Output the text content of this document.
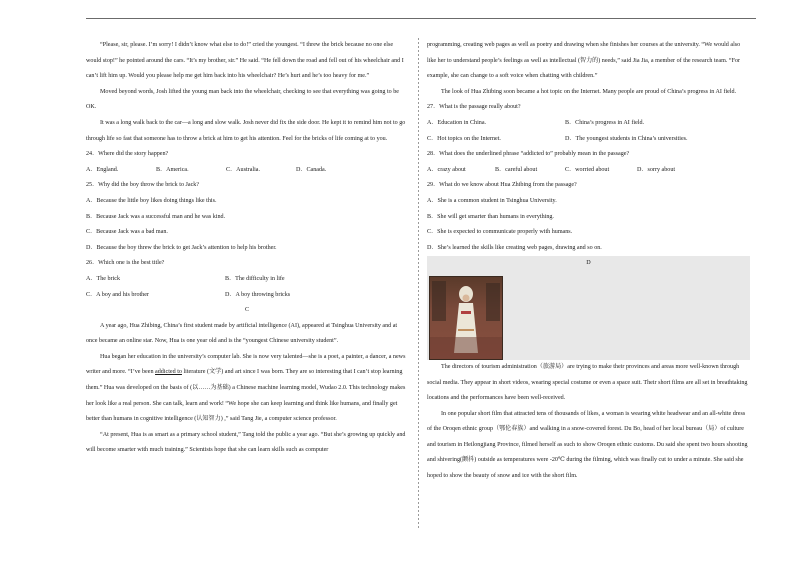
“Please, sir, please. I’m sorry! I didn’t know what else to do!” cried the youngest. “I threw the brick because no one else would stop!” he pointed around the cars. “It’s my brother, sir.” He said. “He fell down the road and fell out of his wheelchair and I can’t lift him up. Would you please help me get him back into his wheelchair? He’s hurt and he’s too heavy for me.”

Moved beyond words, Josh lifted the young man back into the wheelchair, checking to see that everything was going to be OK.

It was a long walk back to the car—a long and slow walk. Josh never did fix the side door. He kept it to remind him not to go through life so fast that someone has to throw a brick at him to get his attention. Feel for the bricks of life coming at to you.

24．Where did the story happen?

A．England.	B．America.	C．Australia.	D．Canada.

25．Why did the boy throw the brick to Jack?

A．Because the little boy likes doing things like this.

B．Because Jack was a successful man and he was kind.

C．Because Jack was a bad man.

D．Because the boy threw the brick to get Jack’s attention to help his brother.

26．Which one is the best title?

A．The brick	B．The difficulty in life

C．A boy and his brother	D．A boy throwing bricks

C

A year ago, Hua Zhibing, China’s first student made by artificial intelligence (AI), appeared at Tsinghua University and at once became an online star. Now, Hua is one year old and is the “youngest Chinese university student”.

Hua began her education in the university’s computer lab. She is now very talented—she is a poet, a painter, a dancer, a news writer and more. “I’ve been addicted to literature (文学) and art since I was born. They are so interesting that I can’t stop learning them.” Hua was developed on the basis of (以……为基础) a Chinese machine learning model, Wudao 2.0. This technology makes her look like a real person. She can talk, learn and work! “We hope she can keep learning and think like humans, and finally get better than humans in cognitive intelligence (认知智力) ,” said Tang Jie, a computer science professor.

“At present, Hua is as smart as a primary school student,” Tang told the public a year ago. “But she’s growing up quickly and will become smarter with much training.” Scientists hope that she can learn skills such as computer

programming, creating web pages as well as poetry and drawing when she finishes her courses at the university. “We would also like her to understand people’s feelings as well as intellectual (智力的) needs,” said Jia Jia, a member of the research team. “For example, she can change to a soft voice when chatting with children.”

The look of Hua Zhibing soon became a hot topic on the Internet. Many people are proud of China’s progress in AI field.

27．What is the passage really about?

A．Education in China.	B．China’s progress in AI field.

C．Hot topics on the Internet.	D．The youngest students in China’s universities.

28．What does the underlined phrase “addicted to” probably mean in the passage?

A．crazy about	B．careful about	C．worried about	D．sorry about

29．What do we know about Hua Zhibing from the passage?

A．She is a common student in Tsinghua University.

B．She will get smarter than humans in everything.

C．She is expected to communicate properly with humans.

D．She’s learned the skills like creating web pages, drawing and so on.

D

The directors of tourism administration（旅游局）are trying to make their provinces and areas more well-known through social media. They appear in short videos, wearing special costume or even a space suit. Their short films are all set in breathtaking locations and the performances have been well-received.

In one popular short film that attracted tens of thousands of likes, a woman is wearing white headwear and an all-white dress of the Oroqen ethnic group（鄂伦春族）and walking in a snow-covered forest. Du Bo, head of her local bureau（局）of culture and tourism in Heilongjiang Province, filmed herself as such to show Oroqen ethnic customs. Du said she spent two hours shooting and shivering(颤抖) outside as temperatures were -20℃ during the filming, which was finally cut to under a minute. She said she hoped to show the beauty of snow and ice with the short film.
